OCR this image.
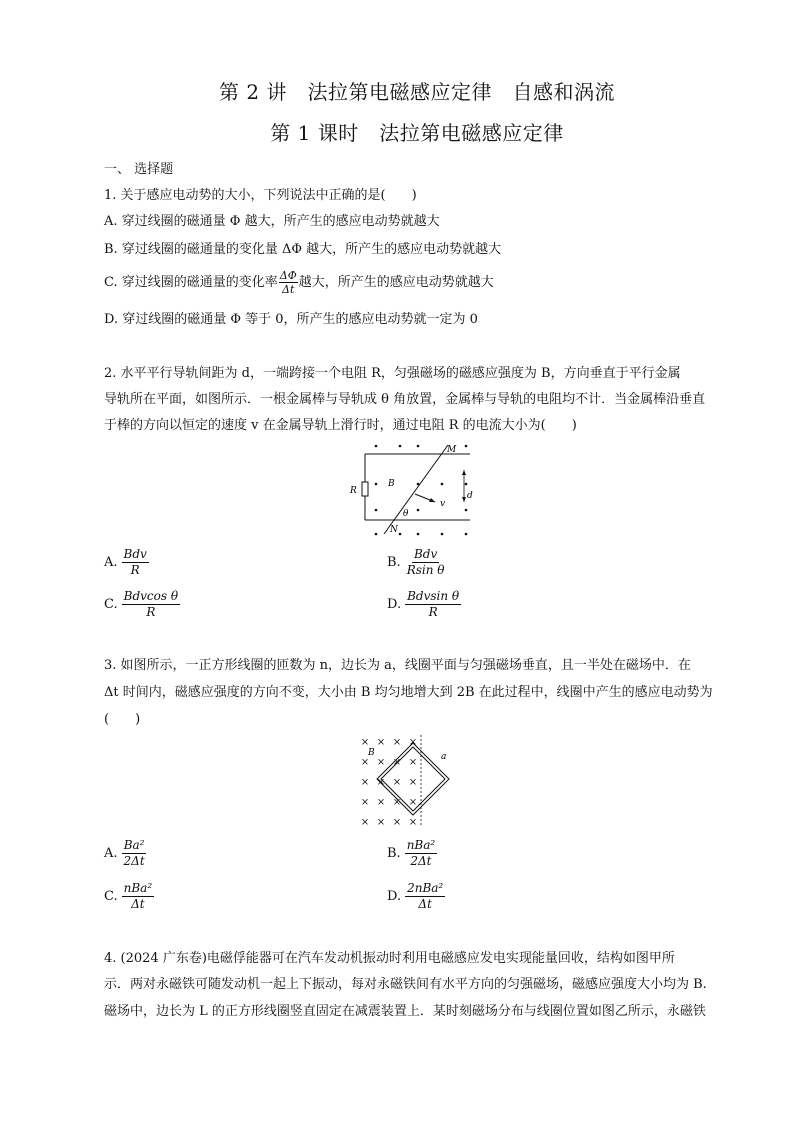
第 2 讲　法拉第电磁感应定律　自感和涡流
第 1 课时　法拉第电磁感应定律
一、 选择题
1. 关于感应电动势的大小，下列说法中正确的是(　　)
A. 穿过线圈的磁通量 Φ 越大，所产生的感应电动势就越大
B. 穿过线圈的磁通量的变化量 ΔΦ 越大，所产生的感应电动势就越大
C. 穿过线圈的磁通量的变化率 $\frac{\Delta\Phi}{\Delta t}$ 越大，所产生的感应电动势就越大
D. 穿过线圈的磁通量 Φ 等于 0，所产生的感应电动势就一定为 0
2. 水平平行导轨间距为 d，一端跨接一个电阻 R，匀强磁场的磁感应强度为 B，方向垂直于平行金属
导轨所在平面，如图所示．一根金属棒与导轨成 θ 角放置，金属棒与导轨的电阻均不计．当金属棒沿垂直
于棒的方向以恒定的速度 v 在金属导轨上滑行时，通过电阻 R 的电流大小为(　　)
R
B
M
N
θ
v
d
A. $\frac{\text{Bdv}}{R}$	B. $\frac{\text{Bdv}}{\text{Rsin θ}}$
C. $\frac{\text{Bdvcos θ}}{R}$	D. $\frac{\text{Bdvsin θ}}{R}$
3. 如图所示，一正方形线圈的匝数为 n，边长为 a，线圈平面与匀强磁场垂直，且一半处在磁场中．在
Δt 时间内，磁感应强度的方向不变，大小由 B 均匀地增大到 2B 在此过程中，线圈中产生的感应电动势为
(　　)
× × × ×
× × × ×
× × × ×
× × × ×
× × × ×
B	a
A. $\frac{\text{Ba²}}{2\Delta t}$	B. $\frac{\text{nBa²}}{2\Delta t}$
C. $\frac{\text{nBa²}}{\Delta t}$	D. $\frac{\text{2nBa²}}{\Delta t}$
4. (2024 广东卷)电磁俘能器可在汽车发动机振动时利用电磁感应发电实现能量回收，结构如图甲所
示．两对永磁铁可随发动机一起上下振动，每对永磁铁间有水平方向的匀强磁场，磁感应强度大小均为 B.
磁场中，边长为 L 的正方形线圈竖直固定在减震装置上．某时刻磁场分布与线圈位置如图乙所示，永磁铁
